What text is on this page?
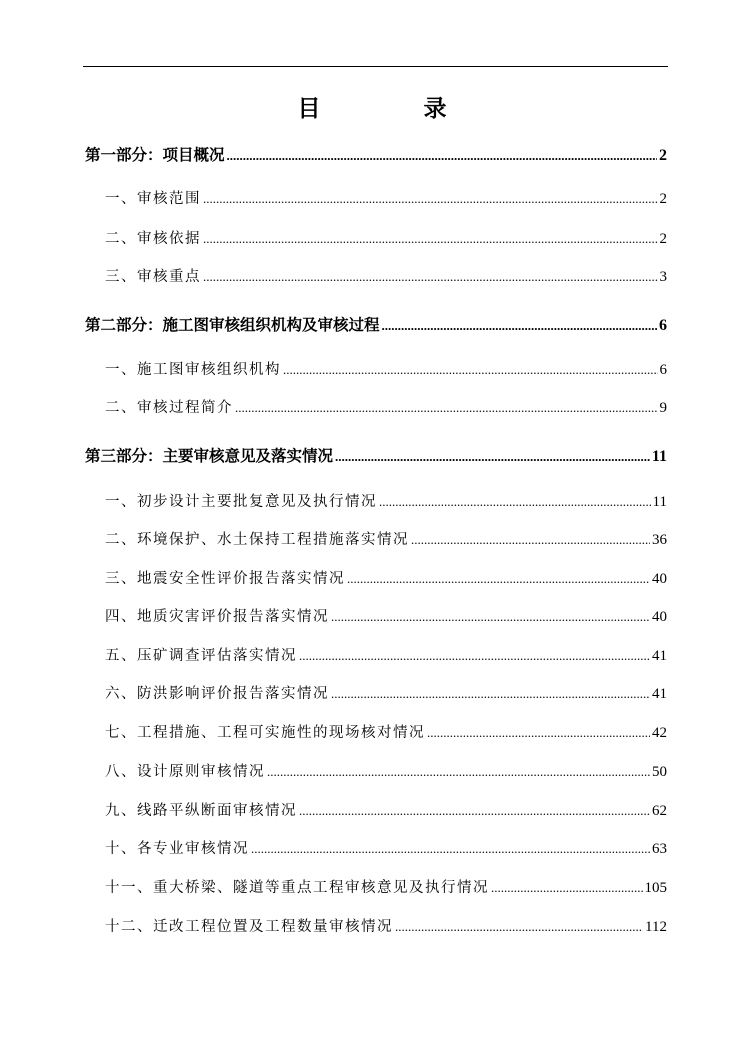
目　录
第一部分：项目概况 .....	2
一、审核范围 .....	2
二、审核依据 .....	2
三、审核重点 .....	3
第二部分：施工图审核组织机构及审核过程 .....	6
一、施工图审核组织机构 .....	6
二、审核过程简介 .....	9
第三部分：主要审核意见及落实情况 .....	11
一、初步设计主要批复意见及执行情况 .....	11
二、环境保护、水土保持工程措施落实情况 .....	36
三、地震安全性评价报告落实情况 .....	40
四、地质灾害评价报告落实情况 .....	40
五、压矿调查评估落实情况 .....	41
六、防洪影响评价报告落实情况 .....	41
七、工程措施、工程可实施性的现场核对情况 .....	42
八、设计原则审核情况 .....	50
九、线路平纵断面审核情况 .....	62
十、各专业审核情况 .....	63
十一、重大桥梁、隧道等重点工程审核意见及执行情况 .....	105
十二、迁改工程位置及工程数量审核情况 .....	112
